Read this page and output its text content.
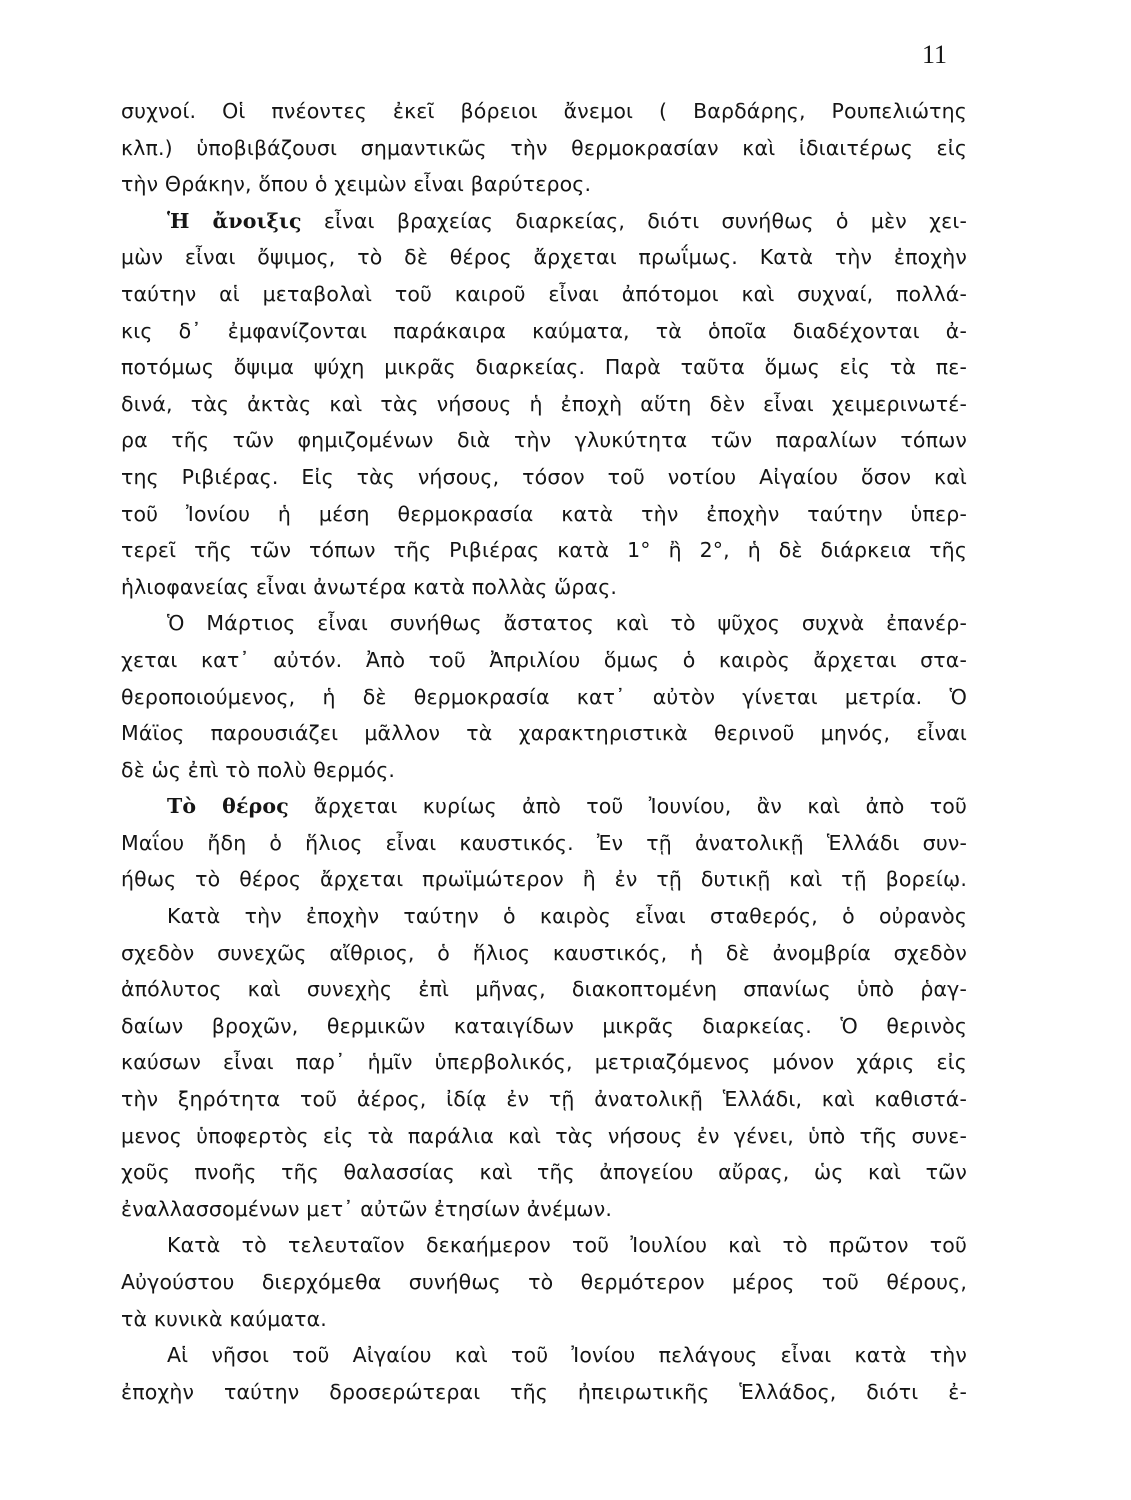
11
συχνοί. Οἱ πνέοντες ἐκεῖ βόρειοι ἄνεμοι ( Βαρδάρης, Ρουπελιώτης
κλπ.) ὑποβιβάζουσι σημαντικῶς τὴν θερμοκρασίαν καὶ ἰδιαιτέρως εἰς
τὴν Θράκην, ὅπου ὁ χειμὼν εἶναι βαρύτερος.
Ἡ ἄνοιξις εἶναι βραχείας διαρκείας, διότι συνήθως ὁ μὲν χει-
μὼν εἶναι ὄψιμος, τὸ δὲ θέρος ἄρχεται πρωΐμως. Κατὰ τὴν ἐποχὴν
ταύτην αἱ μεταβολαὶ τοῦ καιροῦ εἶναι ἀπότομοι καὶ συχναί, πολλά-
κις δ᾽ ἐμφανίζονται παράκαιρα καύματα, τὰ ὁποῖα διαδέχονται ἀ-
ποτόμως ὄψιμα ψύχη μικρᾶς διαρκείας. Παρὰ ταῦτα ὅμως εἰς τὰ πε-
δινά, τὰς ἀκτὰς καὶ τὰς νήσους ἡ ἐποχὴ αὕτη δὲν εἶναι χειμερινωτέ-
ρα τῆς τῶν φημιζομένων διὰ τὴν γλυκύτητα τῶν παραλίων τόπων
της Ριβιέρας. Εἰς τὰς νήσους, τόσον τοῦ νοτίου Αἰγαίου ὅσον καὶ
τοῦ Ἰονίου ἡ μέση θερμοκρασία κατὰ τὴν ἐποχὴν ταύτην ὑπερ-
τερεῖ τῆς τῶν τόπων τῆς Ριβιέρας κατὰ 1° ἢ 2°, ἡ δὲ διάρκεια τῆς
ἡλιοφανείας εἶναι ἀνωτέρα κατὰ πολλὰς ὥρας.
Ὁ Μάρτιος εἶναι συνήθως ἄστατος καὶ τὸ ψῦχος συχνὰ ἐπανέρ-
χεται κατ᾽ αὐτόν. Ἀπὸ τοῦ Ἀπριλίου ὅμως ὁ καιρὸς ἄρχεται στα-
θεροποιούμενος, ἡ δὲ θερμοκρασία κατ᾽ αὐτὸν γίνεται μετρία. Ὁ
Μάϊος παρουσιάζει μᾶλλον τὰ χαρακτηριστικὰ θερινοῦ μηνός, εἶναι
δὲ ὡς ἐπὶ τὸ πολὺ θερμός.
Τὸ θέρος ἄρχεται κυρίως ἀπὸ τοῦ Ἰουνίου, ἂν καὶ ἀπὸ τοῦ
Μαΐου ἤδη ὁ ἥλιος εἶναι καυστικός. Ἐν τῇ ἀνατολικῇ Ἑλλάδι συν-
ήθως τὸ θέρος ἄρχεται πρωϊμώτερον ἢ ἐν τῇ δυτικῇ καὶ τῇ βορείῳ.
Κατὰ τὴν ἐποχὴν ταύτην ὁ καιρὸς εἶναι σταθερός, ὁ οὐρανὸς
σχεδὸν συνεχῶς αἴθριος, ὁ ἥλιος καυστικός, ἡ δὲ ἀνομβρία σχεδὸν
ἀπόλυτος καὶ συνεχὴς ἐπὶ μῆνας, διακοπτομένη σπανίως ὑπὸ ῥαγ-
δαίων βροχῶν, θερμικῶν καταιγίδων μικρᾶς διαρκείας. Ὁ θερινὸς
καύσων εἶναι παρ᾽ ἡμῖν ὑπερβολικός, μετριαζόμενος μόνον χάρις εἰς
τὴν ξηρότητα τοῦ ἀέρος, ἰδίᾳ ἐν τῇ ἀνατολικῇ Ἑλλάδι, καὶ καθιστά-
μενος ὑποφερτὸς εἰς τὰ παράλια καὶ τὰς νήσους ἐν γένει, ὑπὸ τῆς συνε-
χοῦς πνοῆς τῆς θαλασσίας καὶ τῆς ἀπογείου αὔρας, ὡς καὶ τῶν
ἐναλλασσομένων μετ᾽ αὐτῶν ἐτησίων ἀνέμων.
Κατὰ τὸ τελευταῖον δεκαήμερον τοῦ Ἰουλίου καὶ τὸ πρῶτον τοῦ
Αὐγούστου διερχόμεθα συνήθως τὸ θερμότερον μέρος τοῦ θέρους,
τὰ κυνικὰ καύματα.
Αἱ νῆσοι τοῦ Αἰγαίου καὶ τοῦ Ἰονίου πελάγους εἶναι κατὰ τὴν
ἐποχὴν ταύτην δροσερώτεραι τῆς ἠπειρωτικῆς Ἑλλάδος, διότι ἐ-
